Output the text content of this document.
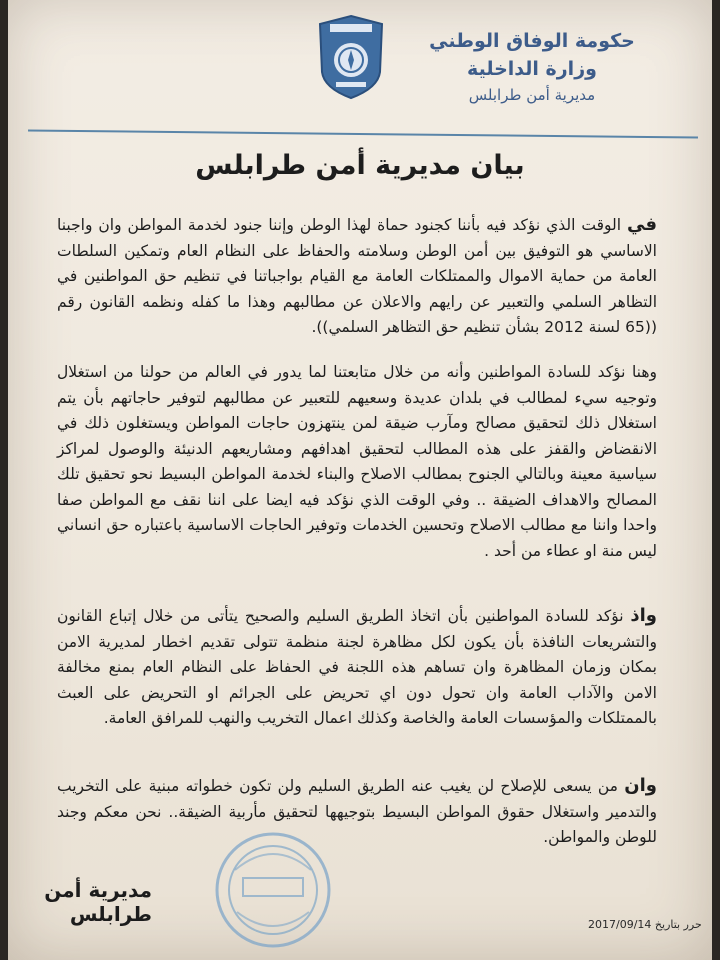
حكومة الوفاق الوطني
وزارة الداخلية
مديرية أمن طرابلس
بيان مديرية أمن طرابلس
في الوقت الذي نؤكد فيه بأننا كجنود حماة لهذا الوطن وإننا جنود لخدمة المواطن وان واجبنا الاساسي هو التوفيق بين أمن الوطن وسلامته والحفاظ على النظام العام وتمكين السلطات العامة من حماية الاموال والممتلكات العامة مع القيام بواجباتنا في تنظيم حق المواطنين في التظاهر السلمي والتعبير عن رايهم والاعلان عن مطالبهم وهذا ما كفله ونظمه القانون رقم ((65 لسنة 2012 بشأن تنظيم حق التظاهر السلمي)).
وهنا نؤكد للسادة المواطنين وأنه من خلال متابعتنا لما يدور في العالم من حولنا من استغلال وتوجيه سيء لمطالب في بلدان عديدة وسعيهم للتعبير عن مطالبهم لتوفير حاجاتهم بأن يتم استغلال ذلك لتحقيق مصالح ومآرب ضيقة لمن ينتهزون حاجات المواطن ويستغلون ذلك في الانقضاض والقفز على هذه المطالب لتحقيق اهدافهم ومشاريعهم الدنيئة والوصول لمراكز سياسية معينة وبالتالي الجنوح بمطالب الاصلاح والبناء لخدمة المواطن البسيط نحو تحقيق تلك المصالح والاهداف الضيقة .. وفي الوقت الذي نؤكد فيه ايضا على اننا نقف مع المواطن صفا واحدا واننا مع مطالب الاصلاح وتحسين الخدمات وتوفير الحاجات الاساسية باعتباره حق انساني ليس منة او عطاء من أحد .
واذ نؤكد للسادة المواطنين بأن اتخاذ الطريق السليم والصحيح يتأتى من خلال إتباع القانون والتشريعات النافذة بأن يكون لكل مظاهرة لجنة منظمة تتولى تقديم اخطار لمديرية الامن بمكان وزمان المظاهرة وان تساهم هذه اللجنة في الحفاظ على النظام العام بمنع مخالفة الامن والآداب العامة وان تحول دون اي تحريض على الجرائم او التحريض على العبث بالممتلكات والمؤسسات العامة والخاصة وكذلك اعمال التخريب والنهب للمرافق العامة.
وان من يسعى للإصلاح لن يغيب عنه الطريق السليم ولن تكون خطواته مبنية على التخريب والتدمير واستغلال حقوق المواطن البسيط بتوجيهها لتحقيق مأربية الضيقة.. نحن معكم وجند للوطن والمواطن.
مديرية أمن طرابلس	حرر بتاريخ 2017/09/14
